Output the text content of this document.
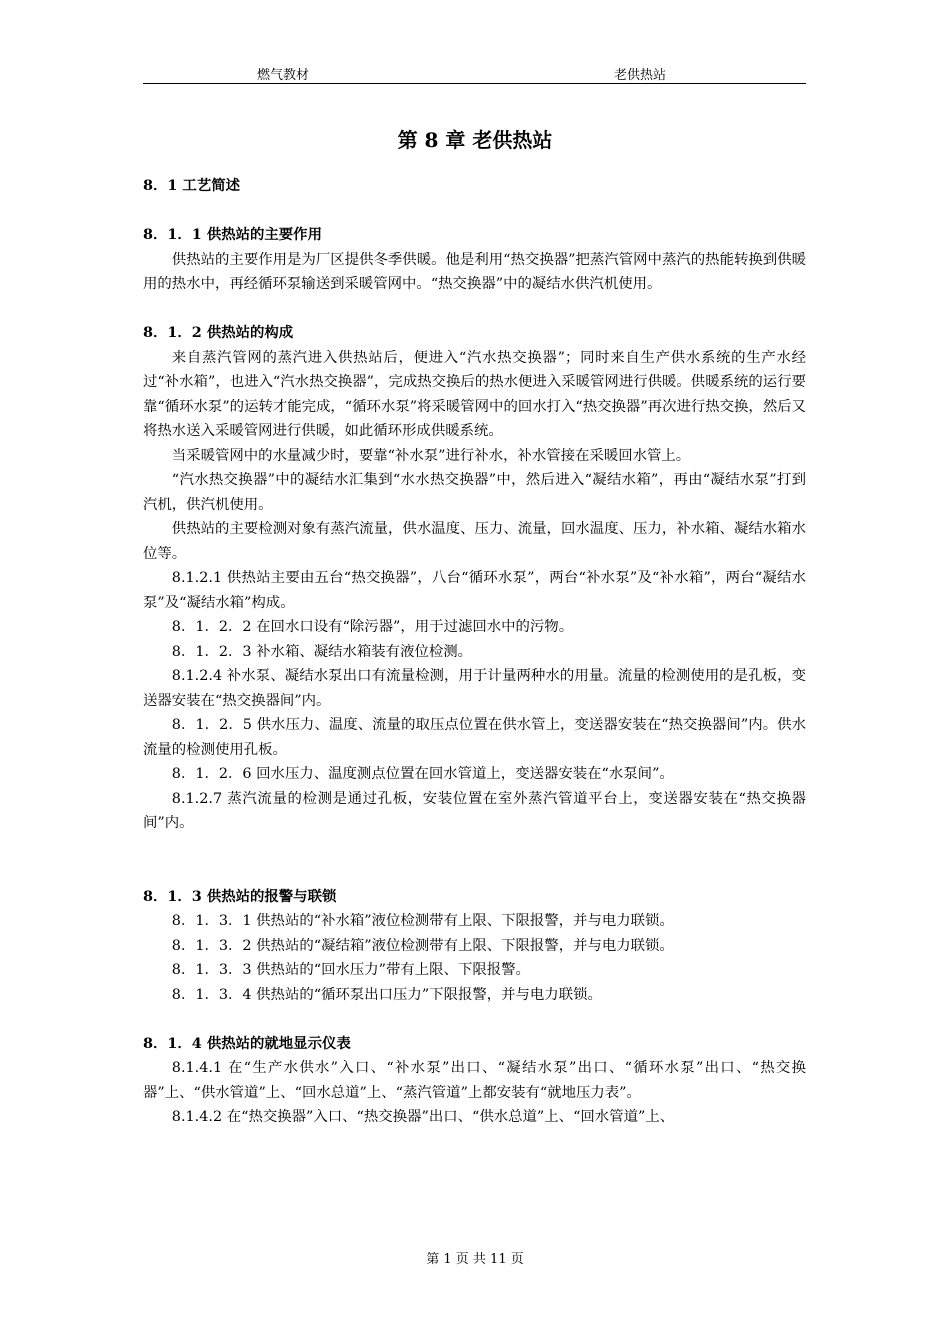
燃气教材	老供热站
第 8 章 老供热站

8．1 工艺简述

8．1．1 供热站的主要作用

供热站的主要作用是为厂区提供冬季供暖。他是利用“热交换器”把蒸汽管网中蒸汽的热能转换到供暖用的热水中，再经循环泵输送到采暖管网中。“热交换器”中的凝结水供汽机使用。

8．1．2 供热站的构成

来自蒸汽管网的蒸汽进入供热站后，便进入“汽水热交换器”；同时来自生产供水系统的生产水经过“补水箱”，也进入“汽水热交换器”，完成热交换后的热水便进入采暖管网进行供暖。供暖系统的运行要靠“循环水泵”的运转才能完成，“循环水泵”将采暖管网中的回水打入“热交换器”再次进行热交换，然后又将热水送入采暖管网进行供暖，如此循环形成供暖系统。

当采暖管网中的水量减少时，要靠“补水泵”进行补水，补水管接在采暖回水管上。

“汽水热交换器”中的凝结水汇集到“水水热交换器”中，然后进入“凝结水箱”，再由“凝结水泵”打到汽机，供汽机使用。

供热站的主要检测对象有蒸汽流量，供水温度、压力、流量，回水温度、压力，补水箱、凝结水箱水位等。

8.1.2.1 供热站主要由五台“热交换器”，八台“循环水泵”，两台“补水泵”及“补水箱”，两台“凝结水泵”及“凝结水箱”构成。

8．1．2．2 在回水口设有“除污器”，用于过滤回水中的污物。

8．1．2．3 补水箱、凝结水箱装有液位检测。

8.1.2.4 补水泵、凝结水泵出口有流量检测，用于计量两种水的用量。流量的检测使用的是孔板，变送器安装在“热交换器间”内。

8．1．2．5 供水压力、温度、流量的取压点位置在供水管上，变送器安装在“热交换器间”内。供水流量的检测使用孔板。

8．1．2．6 回水压力、温度测点位置在回水管道上，变送器安装在“水泵间”。

8.1.2.7 蒸汽流量的检测是通过孔板，安装位置在室外蒸汽管道平台上，变送器安装在“热交换器间”内。

8．1．3 供热站的报警与联锁

8．1．3．1 供热站的“补水箱”液位检测带有上限、下限报警，并与电力联锁。

8．1．3．2 供热站的“凝结箱”液位检测带有上限、下限报警，并与电力联锁。

8．1．3．3 供热站的“回水压力”带有上限、下限报警。

8．1．3．4 供热站的“循环泵出口压力”下限报警，并与电力联锁。

8．1．4 供热站的就地显示仪表

8.1.4.1 在“生产水供水”入口、“补水泵”出口、“凝结水泵”出口、“循环水泵”出口、“热交换器”上、“供水管道”上、“回水总道”上、“蒸汽管道”上都安装有“就地压力表”。

8.1.4.2 在“热交换器”入口、“热交换器”出口、“供水总道”上、“回水管道”上、

第 1 页 共 11 页
